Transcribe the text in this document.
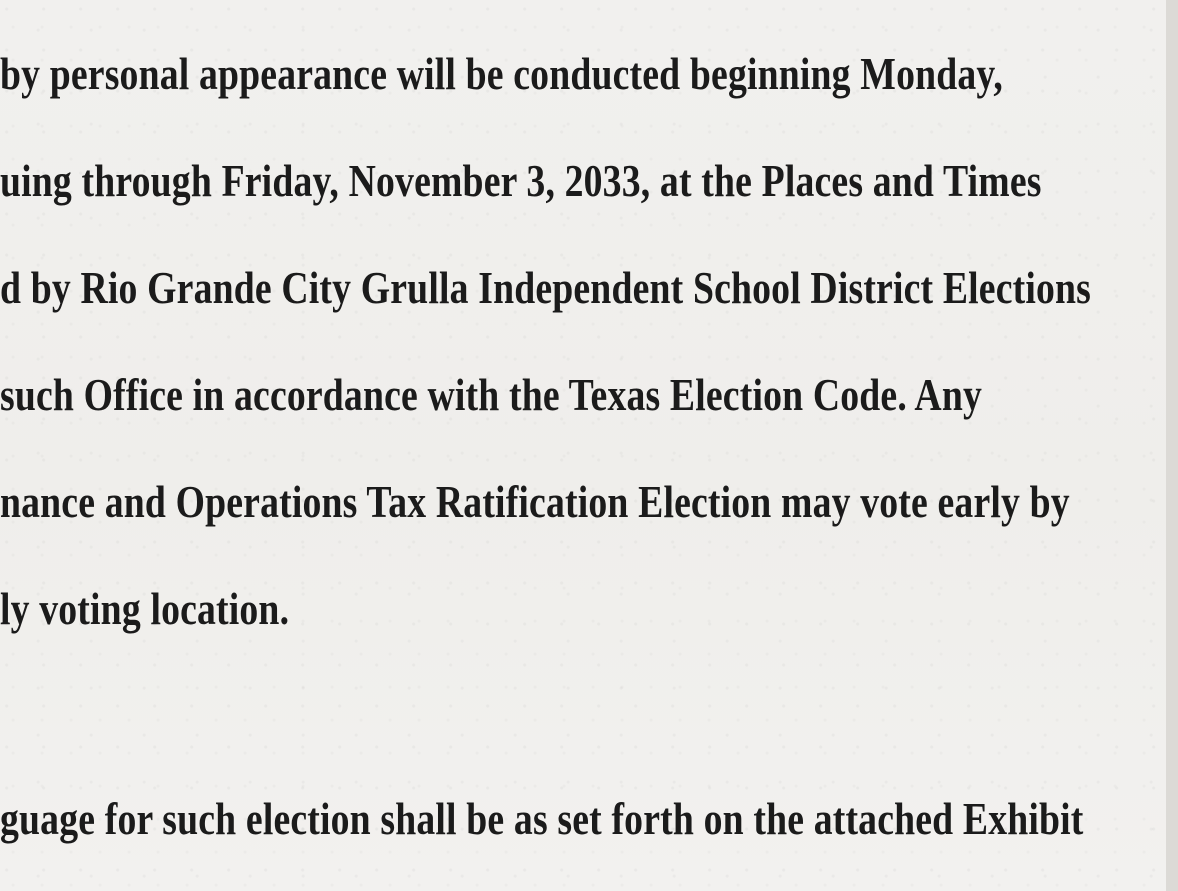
by personal appearance will be conducted beginning Monday,

uing through Friday, November 3, 2033, at the Places and Times

d by Rio Grande City Grulla Independent School District Elections

such Office in accordance with the Texas Election Code. Any

nance and Operations Tax Ratification Election may vote early by

ly voting location.

guage for such election shall be as set forth on the attached Exhibit
